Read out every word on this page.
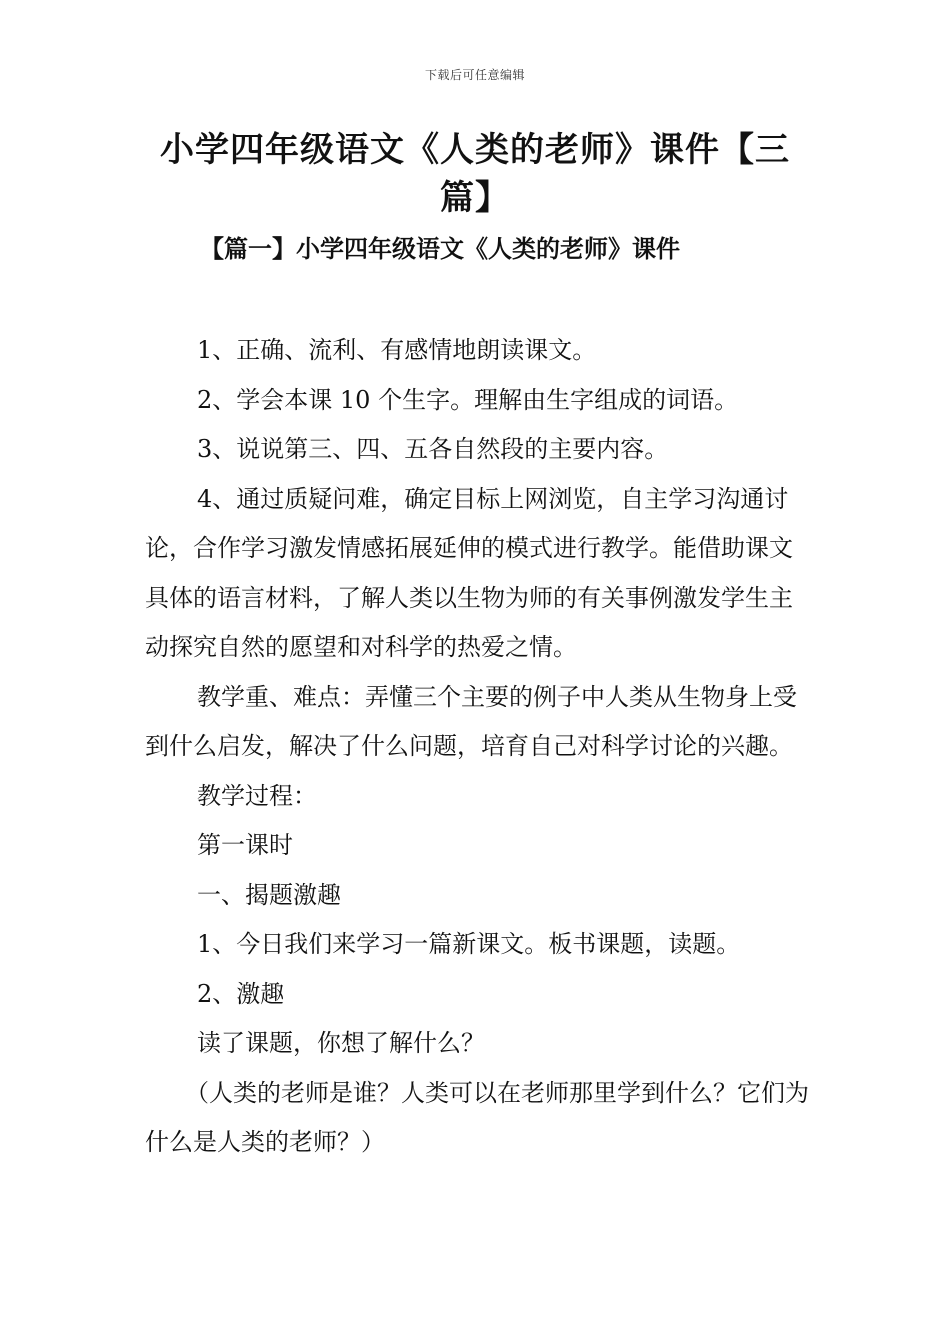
下载后可任意编辑
小学四年级语文《人类的老师》课件【三篇】
【篇一】小学四年级语文《人类的老师》课件

1、正确、流利、有感情地朗读课文。

2、学会本课 10 个生字。理解由生字组成的词语。

3、说说第三、四、五各自然段的主要内容。

4、通过质疑问难，确定目标上网浏览，自主学习沟通讨论，合作学习激发情感拓展延伸的模式进行教学。能借助课文具体的语言材料，了解人类以生物为师的有关事例激发学生主动探究自然的愿望和对科学的热爱之情。

教学重、难点：弄懂三个主要的例子中人类从生物身上受到什么启发，解决了什么问题，培育自己对科学讨论的兴趣。

教学过程：

第一课时

一、揭题激趣

1、今日我们来学习一篇新课文。板书课题，读题。

2、激趣

读了课题，你想了解什么？

（人类的老师是谁？人类可以在老师那里学到什么？它们为什么是人类的老师？）
